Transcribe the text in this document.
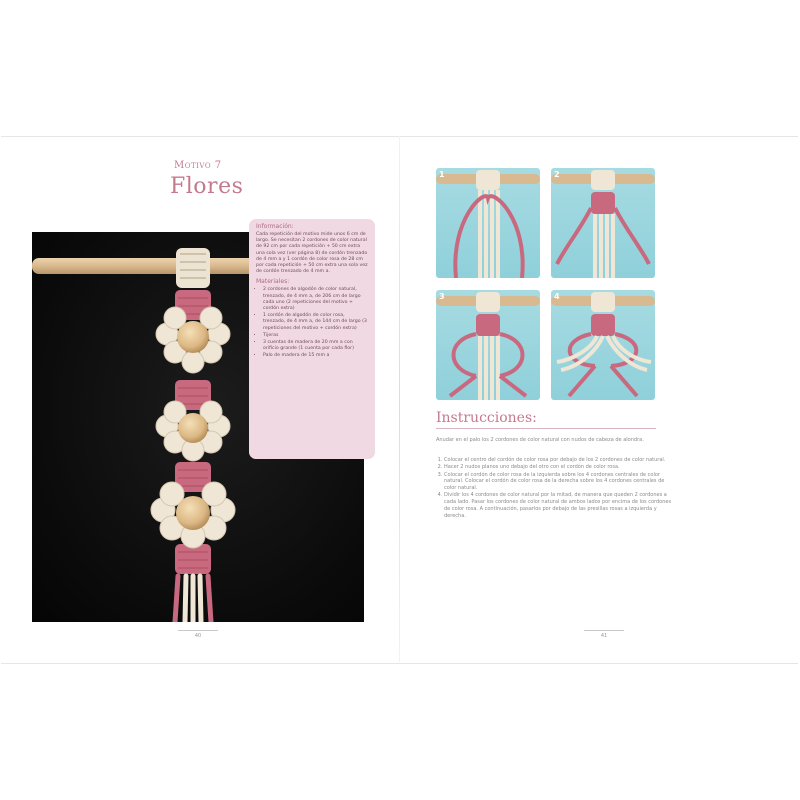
Motivo 7
Flores
Información:
Cada repetición del motivo mide unos 6 cm de largo. Se necesitan 2 cordones de color natural de 92 cm por cada repetición + 50 cm extra una sola vez (ver página 8) de cordón trenzado de 4 mm a y 1 cordón de color rosa de 28 cm por cada repetición + 50 cm extra una sola vez de cordón trenzado de 4 mm a.
Materiales:
• 2 cordones de algodón de color natural, trenzado, de 4 mm a, de 206 cm de largo cada uno (2 repeticiones del motivo + cordón extra)
• 1 cordón de algodón de color rosa, trenzado, de 4 mm a, de 144 cm de largo (3 repeticiones del motivo + cordón extra)
• Tijeras
• 3 cuentas de madera de 20 mm a con orificio grande (1 cuenta por cada flor)
• Palo de madera de 15 mm a
40
1	2
3	4
Instrucciones:
Anudar en el palo los 2 cordones de color natural con nudos de cabeza de alondra.
1. Colocar el centro del cordón de color rosa por debajo de los 2 cordones de color natural.
2. Hacer 2 nudos planos uno debajo del otro con el cordón de color rosa.
3. Colocar el cordón de color rosa de la izquierda sobre los 4 cordones centrales de color natural. Colocar el cordón de color rosa de la derecha sobre los 4 cordones centrales de color natural.
4. Dividir los 4 cordones de color natural por la mitad, de manera que queden 2 cordones a cada lado. Pasar los cordones de color natural de ambos lados por encima de los cordones de color rosa. A continuación, pasarlos por debajo de las presillas rosas a izquierda y derecha.
41
